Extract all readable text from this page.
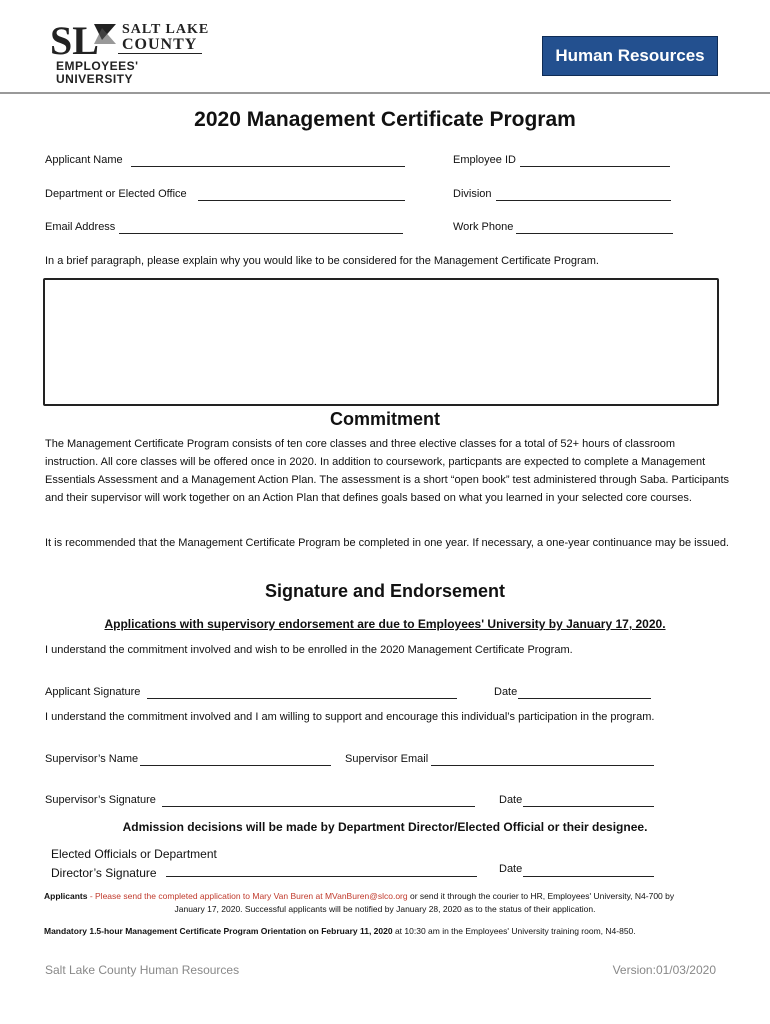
SL SALT LAKE
COUNTY
EMPLOYEES'
UNIVERSITY
Human Resources
2020 Management Certificate Program
Applicant Name	Employee ID
Department or Elected Office	Division
Email Address	Work Phone
In a brief paragraph, please explain why you would like to be considered for the Management Certificate Program.
Commitment
The Management Certificate Program consists of ten core classes and three elective classes for a total of 52+ hours of classroom instruction. All core classes will be offered once in 2020. In addition to coursework, particpants are expected to complete a Management Essentials Assessment and a Management Action Plan. The assessment is a short “open book” test administered through Saba. Participants and their supervisor will work together on an Action Plan that defines goals based on what you learned in your selected core courses.
It is recommended that the Management Certificate Program be completed in one year. If necessary, a one-year continuance may be issued.
Signature and Endorsement
Applications with supervisory endorsement are due to Employees' University by January 17, 2020.
I understand the commitment involved and wish to be enrolled in the 2020 Management Certificate Program.
Applicant Signature	Date
I understand the commitment involved and I am willing to support and encourage this individual’s participation in the program.
Supervisor’s Name	Supervisor Email
Supervisor’s Signature	Date
Admission decisions will be made by Department Director/Elected Official or their designee.
Elected Officials or Department
Director’s Signature	Date
Applicants - Please send the completed application to Mary Van Buren at MVanBuren@slco.org or send it through the courier to HR, Employees' University, N4-700 by
January 17, 2020. Successful applicants will be notified by January 28, 2020 as to the status of their application.
Mandatory 1.5-hour Management Certificate Program Orientation on February 11, 2020 at 10:30 am in the Employees' University training room, N4-850.
Salt Lake County Human Resources	Version:01/03/2020
